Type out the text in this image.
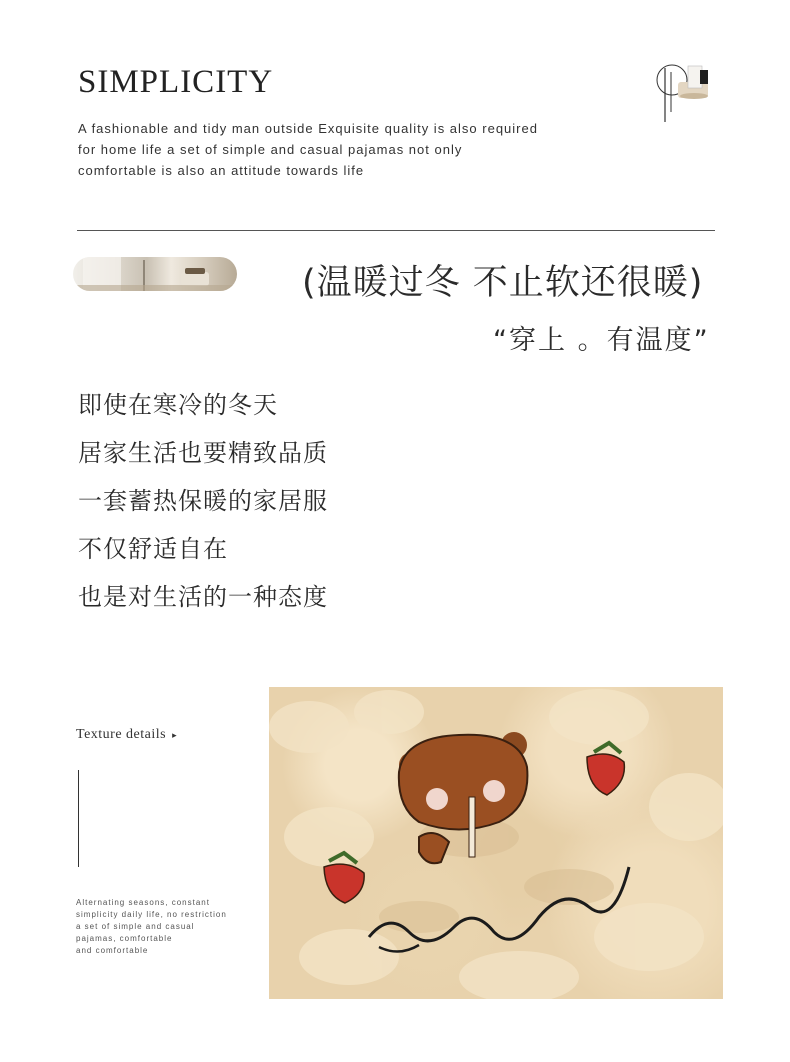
SIMPLICITY
A fashionable and tidy man outside Exquisite quality is also required
for home life a set of simple and casual pajamas not only
comfortable is also an attitude towards life
(温暖过冬 不止软还很暖)
“穿上 。有温度”
即使在寒冷的冬天
居家生活也要精致品质
一套蓄热保暖的家居服
不仅舒适自在
也是对生活的一种态度
Texture details ▸
Alternating seasons, constant
simplicity daily life, no restriction
a set of simple and casual
pajamas, comfortable
and comfortable
